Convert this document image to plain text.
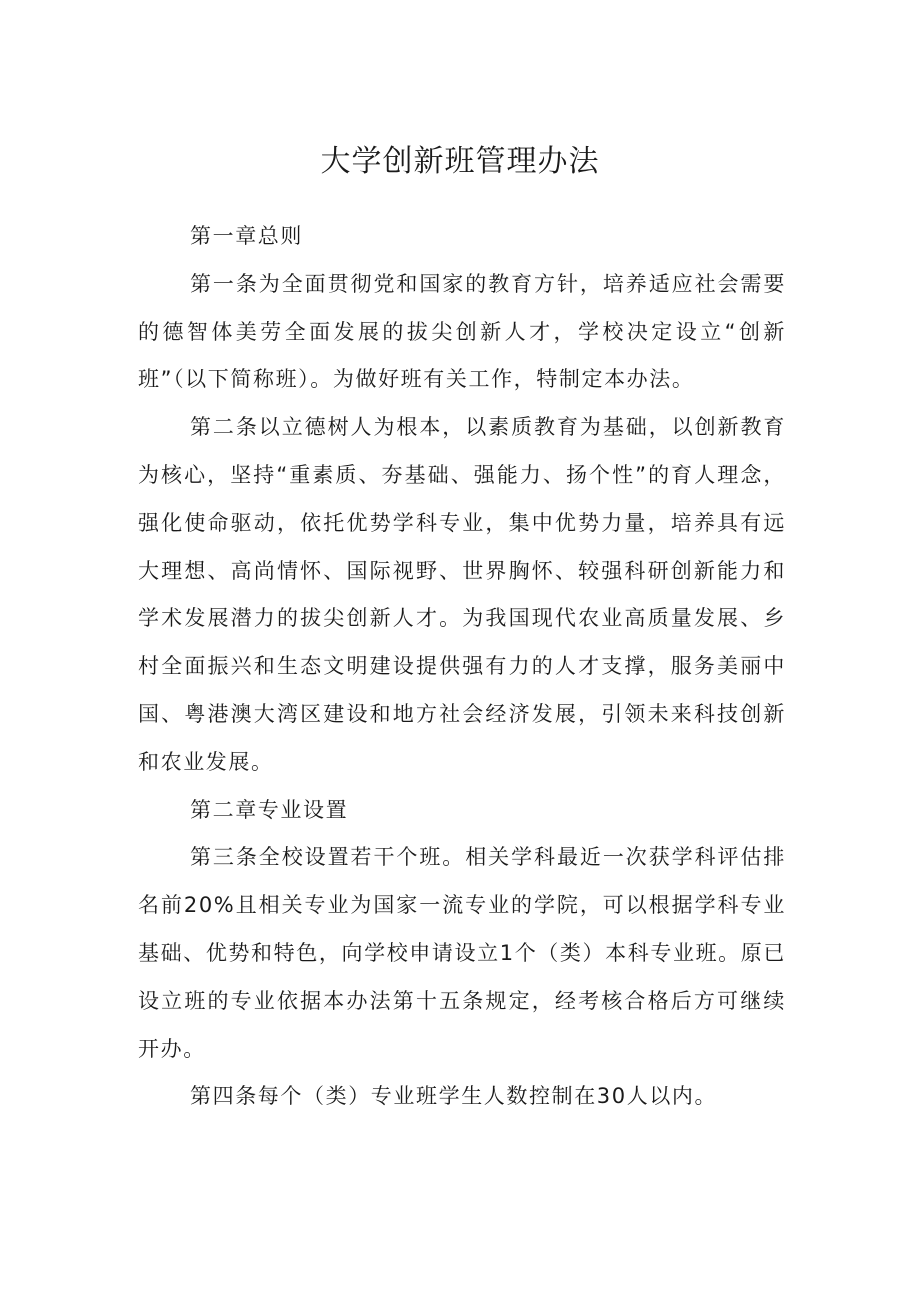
大学创新班管理办法

第一章总则

第一条为全面贯彻党和国家的教育方针，培养适应社会需要的德智体美劳全面发展的拔尖创新人才，学校决定设立“创新班”（以下简称班）。为做好班有关工作，特制定本办法。

第二条以立德树人为根本，以素质教育为基础，以创新教育为核心，坚持“重素质、夯基础、强能力、扬个性”的育人理念，强化使命驱动，依托优势学科专业，集中优势力量，培养具有远大理想、高尚情怀、国际视野、世界胸怀、较强科研创新能力和学术发展潜力的拔尖创新人才。为我国现代农业高质量发展、乡村全面振兴和生态文明建设提供强有力的人才支撑，服务美丽中国、粤港澳大湾区建设和地方社会经济发展，引领未来科技创新和农业发展。

第二章专业设置

第三条全校设置若干个班。相关学科最近一次获学科评估排名前20%且相关专业为国家一流专业的学院，可以根据学科专业基础、优势和特色，向学校申请设立1个（类）本科专业班。原已设立班的专业依据本办法第十五条规定，经考核合格后方可继续开办。

第四条每个（类）专业班学生人数控制在30人以内。
